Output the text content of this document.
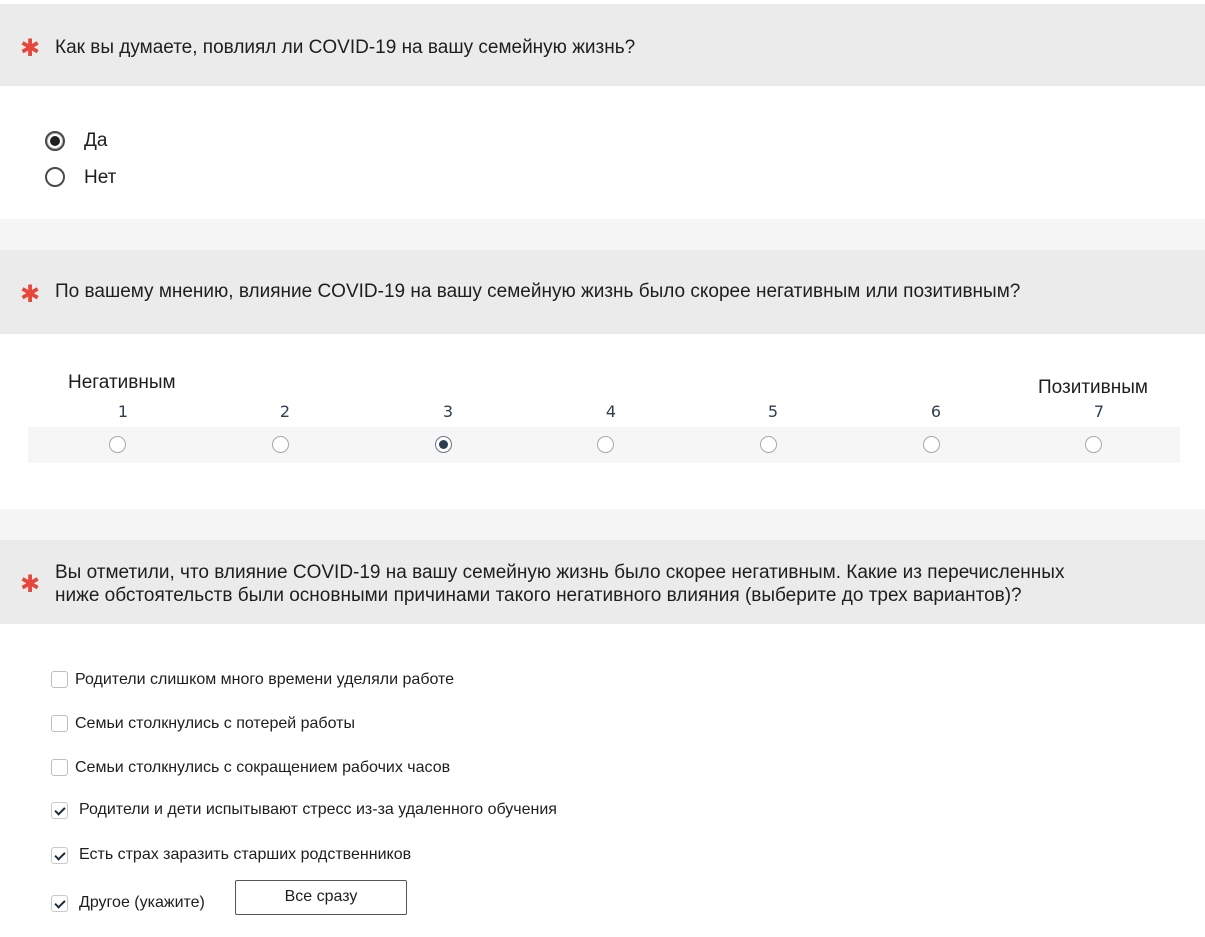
✱ Как вы думаете, повлиял ли COVID-19 на вашу семейную жизнь?
Да
Нет
✱ По вашему мнению, влияние COVID-19 на вашу семейную жизнь было скорее негативным или позитивным?
Негативным	Позитивным
1	2	3	4	5	6	7
✱ Вы отметили, что влияние COVID-19 на вашу семейную жизнь было скорее негативным. Какие из перечисленных
ниже обстоятельств были основными причинами такого негативного влияния (выберите до трех вариантов)?
Родители слишком много времени уделяли работе
Семьи столкнулись с потерей работы
Семьи столкнулись с сокращением рабочих часов
Родители и дети испытывают стресс из-за удаленного обучения
Есть страх заразить старших родственников
Другое (укажите)	Все сразу
